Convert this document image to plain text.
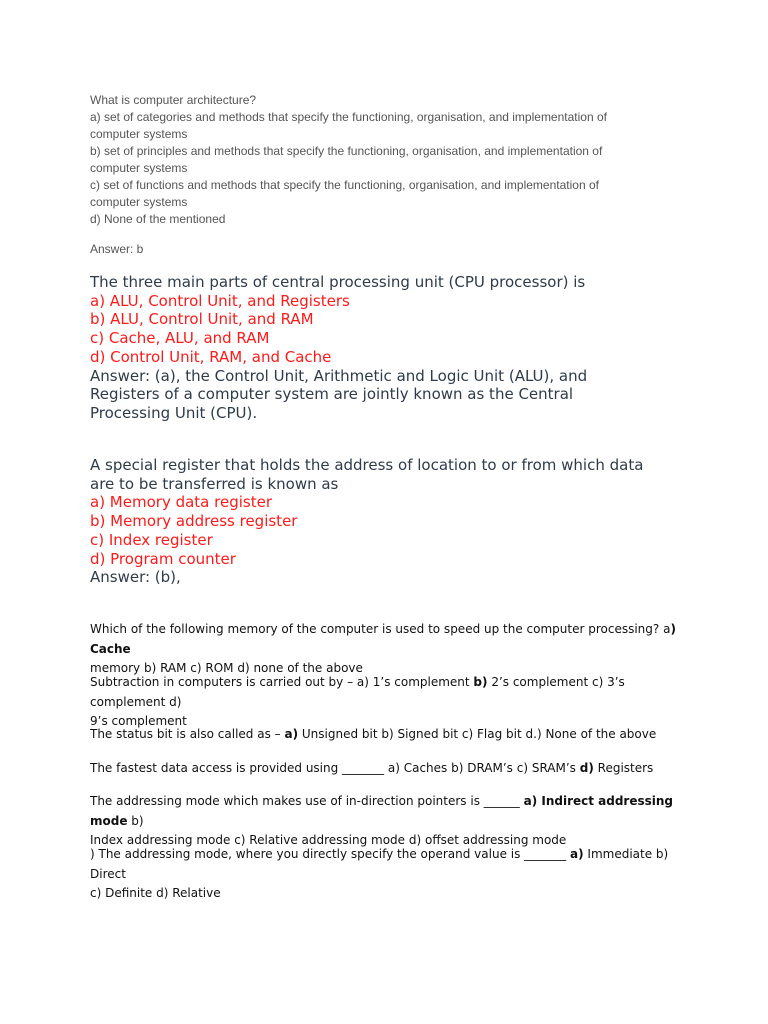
What is computer architecture?
a) set of categories and methods that specify the functioning, organisation, and implementation of
computer systems
b) set of principles and methods that specify the functioning, organisation, and implementation of
computer systems
c) set of functions and methods that specify the functioning, organisation, and implementation of
computer systems
d) None of the mentioned
Answer: b
The three main parts of central processing unit (CPU processor) is
a) ALU, Control Unit, and Registers
b) ALU, Control Unit, and RAM
c) Cache, ALU, and RAM
d) Control Unit, RAM, and Cache
Answer: (a), the Control Unit, Arithmetic and Logic Unit (ALU), and
Registers of a computer system are jointly known as the Central
Processing Unit (CPU).
A special register that holds the address of location to or from which data
are to be transferred is known as
a) Memory data register
b) Memory address register
c) Index register
d) Program counter
Answer: (b),
Which of the following memory of the computer is used to speed up the computer processing? a) Cache
memory b) RAM c) ROM d) none of the above
Subtraction in computers is carried out by – a) 1’s complement b) 2’s complement c) 3’s complement d)
9’s complement
The status bit is also called as – a) Unsigned bit b) Signed bit c) Flag bit d.) None of the above
The fastest data access is provided using _______ a) Caches b) DRAM’s c) SRAM’s d) Registers
The addressing mode which makes use of in-direction pointers is ______ a) Indirect addressing mode b)
Index addressing mode c) Relative addressing mode d) offset addressing mode
) The addressing mode, where you directly specify the operand value is _______ a) Immediate b) Direct
c) Definite d) Relative
